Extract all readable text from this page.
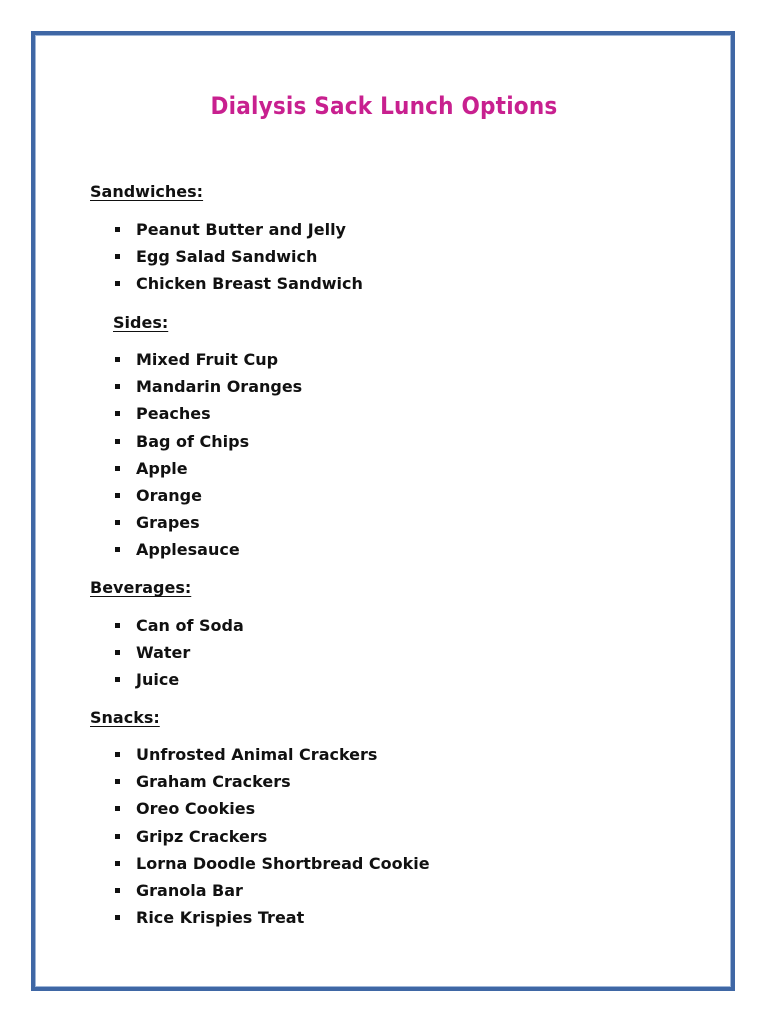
Dialysis Sack Lunch Options
Sandwiches:
Peanut Butter and Jelly
Egg Salad Sandwich
Chicken Breast Sandwich
Sides:
Mixed Fruit Cup
Mandarin Oranges
Peaches
Bag of Chips
Apple
Orange
Grapes
Applesauce
Beverages:
Can of Soda
Water
Juice
Snacks:
Unfrosted Animal Crackers
Graham Crackers
Oreo Cookies
Gripz Crackers
Lorna Doodle Shortbread Cookie
Granola Bar
Rice Krispies Treat
